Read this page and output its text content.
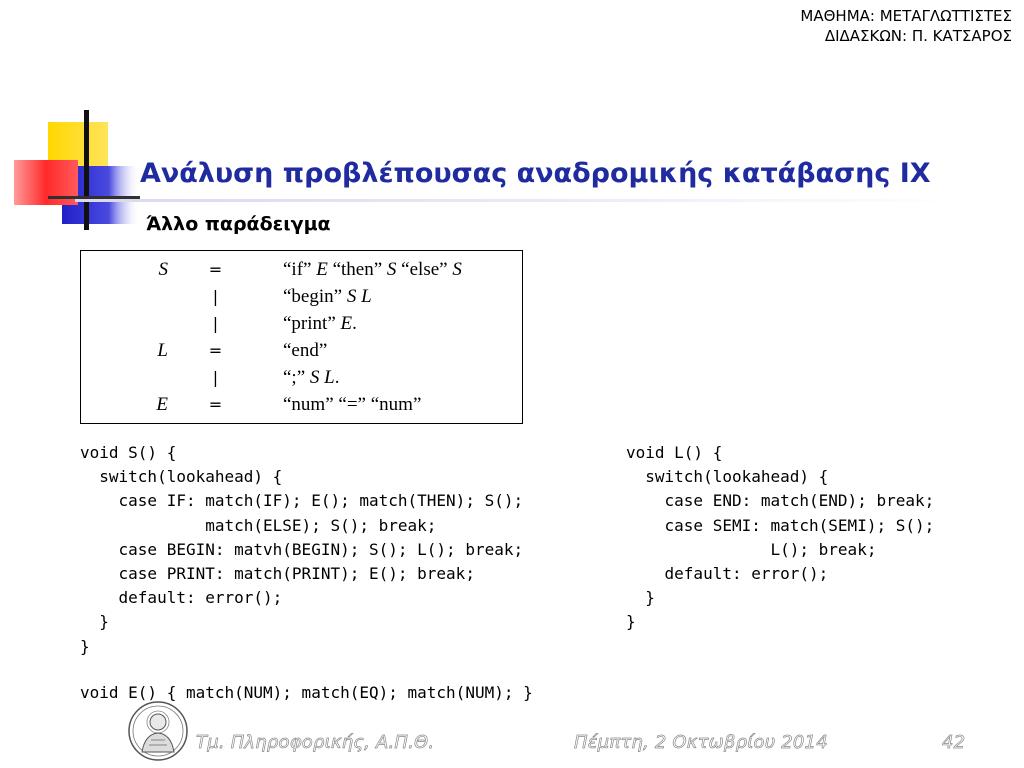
ΜΑΘΗΜΑ: ΜΕΤΑΓΛΩΤΤΙΣΤΕΣ
ΔΙΔΑΣΚΩΝ: Π. ΚΑΤΣΑΡΟΣ
Ανάλυση προβλέπουσας αναδρομικής κατάβασης IX
Άλλο παράδειγμα
S	=	“if” E “then” S “else” S
	|	“begin” S L
	|	“print” E.
L	=	“end”
	|	“;” S L.
E	=	“num” “=” “num”
void S() {
switch(lookahead) {
case IF: match(IF); E(); match(THEN); S();
match(ELSE); S(); break;
case BEGIN: matvh(BEGIN); S(); L(); break;
case PRINT: match(PRINT); E(); break;
default: error();
}
}
void L() {
switch(lookahead) {
case END: match(END); break;
case SEMI: match(SEMI); S();
L(); break;
default: error();
}
}
void E() { match(NUM); match(EQ); match(NUM); }
Τμ. Πληροφορικής, Α.Π.Θ.	Πέμπτη, 2 Οκτωβρίου 2014	42
